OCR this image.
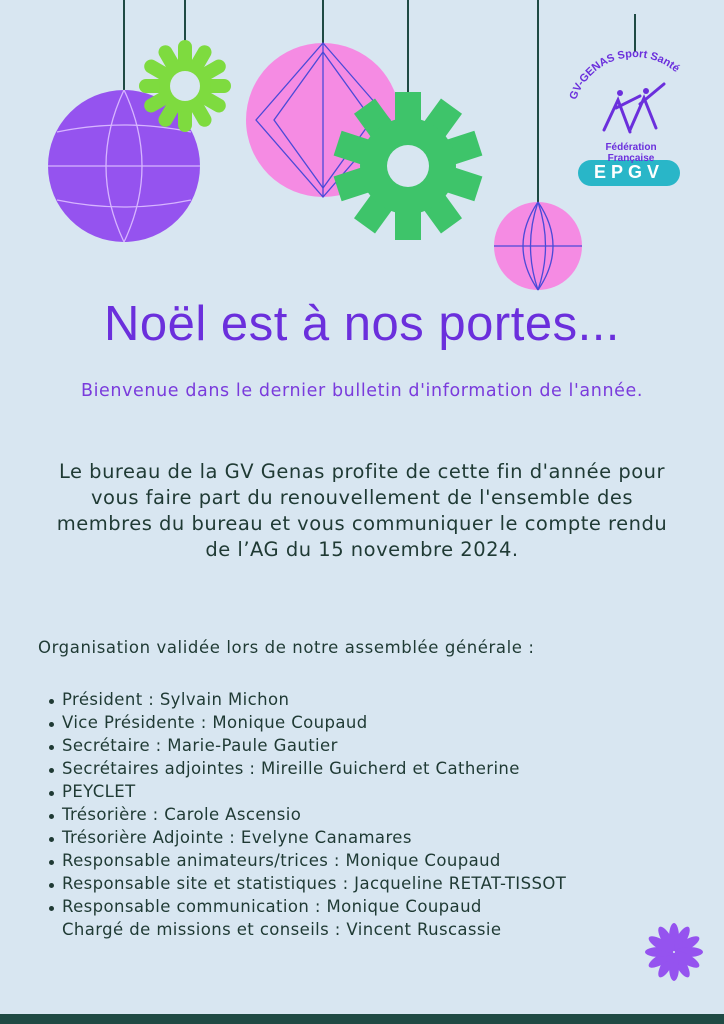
GV-GENAS Sport Santé
Fédération Française
EPGV
Noël est à nos portes...
Bienvenue dans le dernier bulletin d'information de l'année.
Le bureau de la GV Genas profite de cette fin d'année pour vous faire part du renouvellement de l'ensemble des membres du bureau et vous communiquer le compte rendu de l’AG du 15 novembre 2024.
Organisation validée lors de notre assemblée générale :
Président : Sylvain Michon
Vice Présidente : Monique Coupaud
Secrétaire : Marie-Paule Gautier
Secrétaires adjointes : Mireille Guicherd et Catherine
PEYCLET
Trésorière : Carole Ascensio
Trésorière Adjointe : Evelyne Canamares
Responsable animateurs/trices : Monique Coupaud
Responsable site et statistiques : Jacqueline RETAT-TISSOT
Responsable communication : Monique Coupaud
Chargé de missions et conseils : Vincent Ruscassie
